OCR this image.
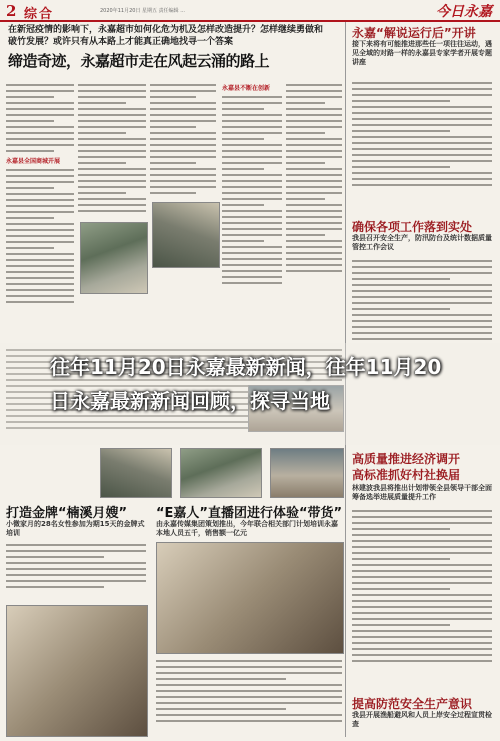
2 综合	2020年11月20日 星期五 责任编辑 ...	今日永嘉
在新冠疫情的影响下，永嘉超市如何化危为机及怎样改造提升？怎样继续勇做和破竹发展？或许只有从本路上才能真正确地找寻一个答案
缔造奇迹，永嘉超市走在风起云涌的路上
永嘉县全国商城开展
永嘉县不断在创新
永嘉“解说运行后”开讲
接下来将有可能推进那些任一项往往运动，遇见全域的对路一样的永嘉县专家学者开展专题讲座
确保各项工作落到实处
我县召开安全生产，防汛防台及统计数据质量管控工作会议
往年11月20日永嘉最新新闻，往年11月20日永嘉最新新闻回顾，探寻当地
打造金牌“楠溪月嫂”
小微家月的28名女性参加为期15天的金牌式培训
“E嘉人”直播团进行体验“带货”
由永嘉传媒集团策划推出，今年联合相关部门计划培训永嘉本地人员五千，销售额一亿元
高质量推进经济调开
高标准抓好村社换届
林建波我县将推出计划带领全县领导干部全面筹备选举进展质量提升工作
提高防范安全生产意识
我县开展渔船避风和人员上岸安全过程宣贯检查
